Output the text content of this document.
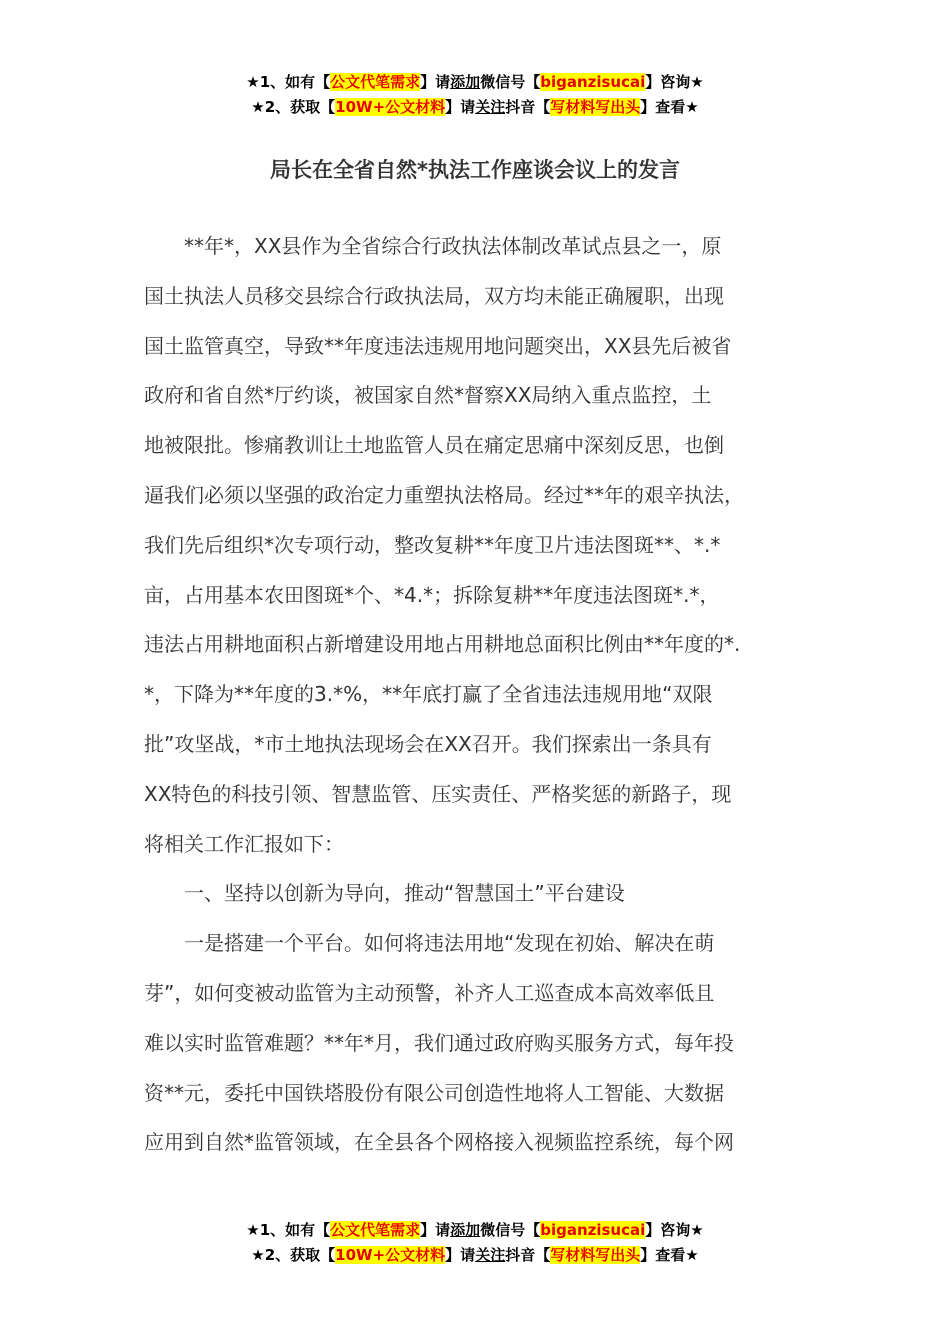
★1、如有【公文代笔需求】请添加微信号【biganzisucai】咨询★
★2、获取【10W+公文材料】请关注抖音【写材料写出头】查看★
局长在全省自然*执法工作座谈会议上的发言

　　**年*，XX县作为全省综合行政执法体制改革试点县之一，原
国土执法人员移交县综合行政执法局，双方均未能正确履职，出现
国土监管真空，导致**年度违法违规用地问题突出，XX县先后被省
政府和省自然*厅约谈，被国家自然*督察XX局纳入重点监控，土
地被限批。惨痛教训让土地监管人员在痛定思痛中深刻反思，也倒
逼我们必须以坚强的政治定力重塑执法格局。经过**年的艰辛执法，
我们先后组织*次专项行动，整改复耕**年度卫片违法图斑**、*.*
亩，占用基本农田图斑*个、*4.*；拆除复耕**年度违法图斑*.*，
违法占用耕地面积占新增建设用地占用耕地总面积比例由**年度的*.
*，下降为**年度的3.*%，**年底打赢了全省违法违规用地“双限
批”攻坚战，*市土地执法现场会在XX召开。我们探索出一条具有
XX特色的科技引领、智慧监管、压实责任、严格奖惩的新路子，现
将相关工作汇报如下：

　　一、坚持以创新为导向，推动“智慧国土”平台建设

　　一是搭建一个平台。如何将违法用地“发现在初始、解决在萌
芽”，如何变被动监管为主动预警，补齐人工巡查成本高效率低且
难以实时监管难题？**年*月，我们通过政府购买服务方式，每年投
资**元，委托中国铁塔股份有限公司创造性地将人工智能、大数据
应用到自然*监管领域，在全县各个网格接入视频监控系统，每个网

★1、如有【公文代笔需求】请添加微信号【biganzisucai】咨询★
★2、获取【10W+公文材料】请关注抖音【写材料写出头】查看★
